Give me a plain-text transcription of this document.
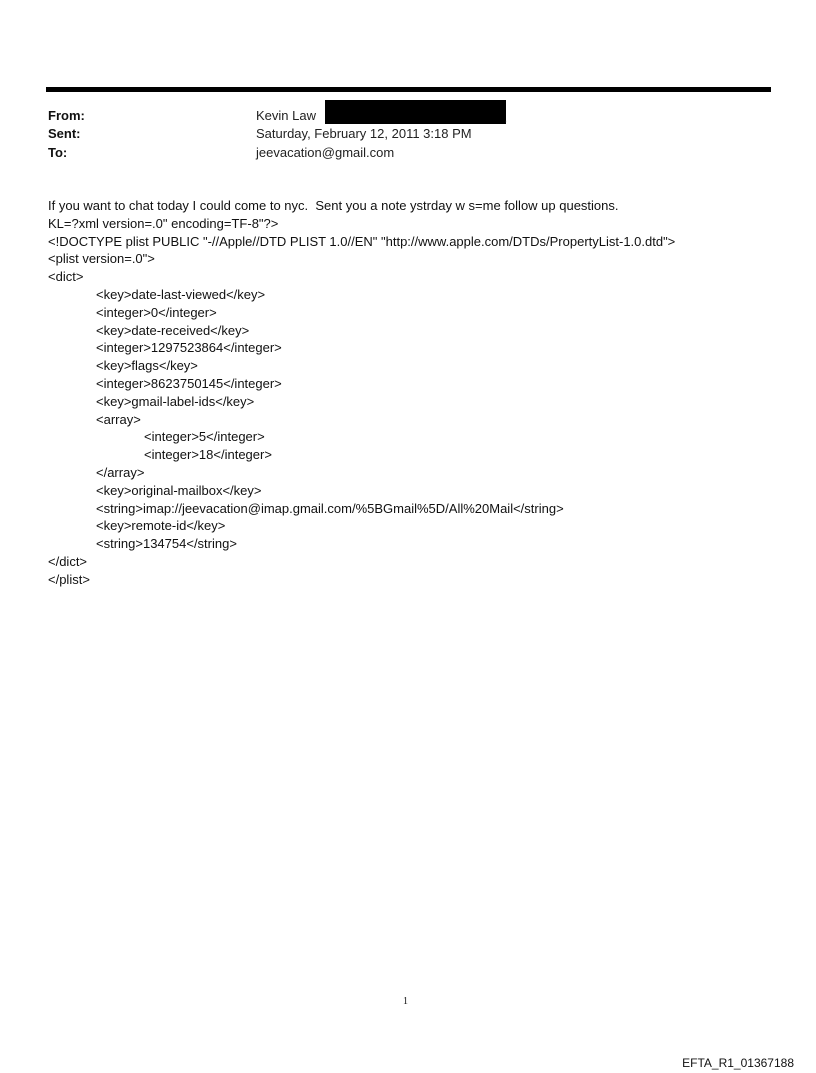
From:	Kevin Law	,
Sent:	Saturday, February 12, 2011 3:18 PM
To:	jeevacation@gmail.com
If you want to chat today I could come to nyc.  Sent you a note ystrday w s=me follow up questions.
KL=?xml version=.0" encoding=TF-8"?>
<!DOCTYPE plist PUBLIC "-//Apple//DTD PLIST 1.0//EN" "http://www.apple.com/DTDs/PropertyList-1.0.dtd">
<plist version=.0">
<dict>
<key>date-last-viewed</key>
<integer>0</integer>
<key>date-received</key>
<integer>1297523864</integer>
<key>flags</key>
<integer>8623750145</integer>
<key>gmail-label-ids</key>
<array>
<integer>5</integer>
<integer>18</integer>
</array>
<key>original-mailbox</key>
<string>imap://jeevacation@imap.gmail.com/%5BGmail%5D/All%20Mail</string>
<key>remote-id</key>
<string>134754</string>
</dict>
</plist>
1
EFTA_R1_01367188
